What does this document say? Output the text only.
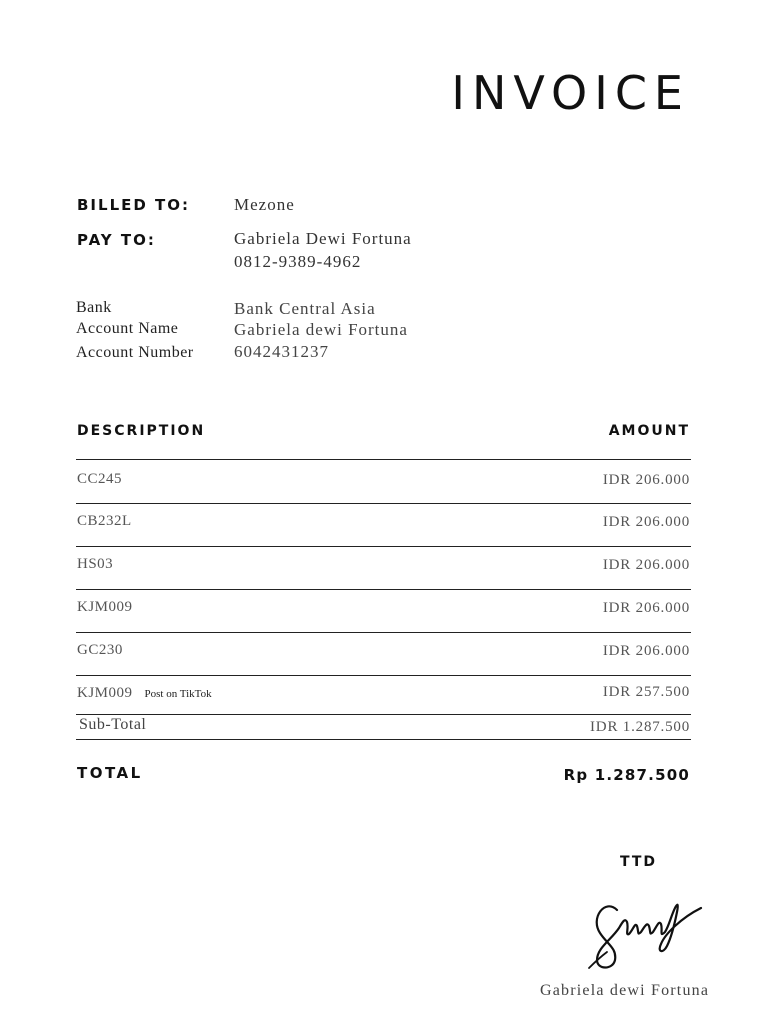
INVOICE
BILLED TO:	Mezone
PAY TO:	Gabriela Dewi Fortuna
0812-9389-4962
Bank	Bank Central Asia
Account Name	Gabriela dewi Fortuna
Account Number 6042431237
DESCRIPTION	AMOUNT
CC245	IDR 206.000
CB232L	IDR 206.000
HS03	IDR 206.000
KJM009	IDR 206.000
GC230	IDR 206.000
KJM009 Post on TikTok	IDR 257.500
Sub-Total	IDR 1.287.500
TOTAL	Rp 1.287.500
TTD
Gabriela dewi Fortuna
